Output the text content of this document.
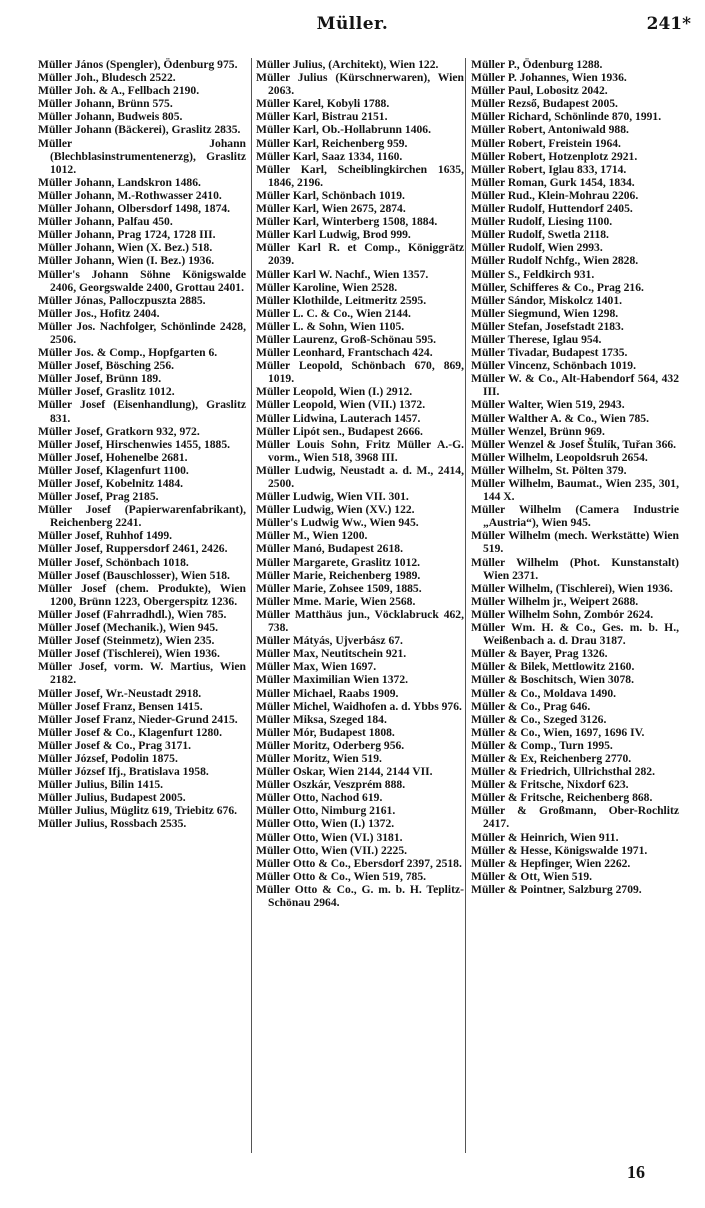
Müller.	241*
Müller János (Spengler), Ödenburg 975.
Müller Joh., Bludesch 2522.
Müller Joh. & A., Fellbach 2190.
Müller Johann, Brünn 575.
Müller Johann, Budweis 805.
Müller Johann (Bäckerei), Graslitz 2835.
Müller Johann (Blechblasinstrumentenerzg), Graslitz 1012.
Müller Johann, Landskron 1486.
Müller Johann, M.-Rothwasser 2410.
Müller Johann, Olbersdorf 1498, 1874.
Müller Johann, Palfau 450.
Müller Johann, Prag 1724, 1728 III.
Müller Johann, Wien (X. Bez.) 518.
Müller Johann, Wien (I. Bez.) 1936.
Müller's Johann Söhne Königswalde 2406, Georgswalde 2400, Grottau 2401.
Müller Jónas, Palloczpuszta 2885.
Müller Jos., Hofitz 2404.
Müller Jos. Nachfolger, Schönlinde 2428, 2506.
Müller Jos. & Comp., Hopfgarten 6.
Müller Josef, Bösching 256.
Müller Josef, Brünn 189.
Müller Josef, Graslitz 1012.
Müller Josef (Eisenhandlung), Graslitz 831.
Müller Josef, Gratkorn 932, 972.
Müller Josef, Hirschenwies 1455, 1885.
Müller Josef, Hohenelbe 2681.
Müller Josef, Klagenfurt 1100.
Müller Josef, Kobelnitz 1484.
Müller Josef, Prag 2185.
Müller Josef (Papierwarenfabrikant), Reichenberg 2241.
Müller Josef, Ruhhof 1499.
Müller Josef, Ruppersdorf 2461, 2426.
Müller Josef, Schönbach 1018.
Müller Josef (Bauschlosser), Wien 518.
Müller Josef (chem. Produkte), Wien 1200, Brünn 1223, Obergerspitz 1236.
Müller Josef (Fahrradhdl.), Wien 785.
Müller Josef (Mechanik.), Wien 945.
Müller Josef (Steinmetz), Wien 235.
Müller Josef (Tischlerei), Wien 1936.
Müller Josef, vorm. W. Martius, Wien 2182.
Müller Josef, Wr.-Neustadt 2918.
Müller Josef Franz, Bensen 1415.
Müller Josef Franz, Nieder-Grund 2415.
Müller Josef & Co., Klagenfurt 1280.
Müller Josef & Co., Prag 3171.
Müller József, Podolin 1875.
Müller József Ifj., Bratislava 1958.
Müller Julius, Bilin 1415.
Müller Julius, Budapest 2005.
Müller Julius, Müglitz 619, Triebitz 676.
Müller Julius, Rossbach 2535.
Müller Julius, (Architekt), Wien 122.
Müller Julius (Kürschnerwaren), Wien 2063.
Müller Karel, Kobyli 1788.
Müller Karl, Bistrau 2151.
Müller Karl, Ob.-Hollabrunn 1406.
Müller Karl, Reichenberg 959.
Müller Karl, Saaz 1334, 1160.
Müller Karl, Scheiblingkirchen 1635, 1846, 2196.
Müller Karl, Schönbach 1019.
Müller Karl, Wien 2675, 2874.
Müller Karl, Winterberg 1508, 1884.
Müller Karl Ludwig, Brod 999.
Müller Karl R. et Comp., Königgrätz 2039.
Müller Karl W. Nachf., Wien 1357.
Müller Karoline, Wien 2528.
Müller Klothilde, Leitmeritz 2595.
Müller L. C. & Co., Wien 2144.
Müller L. & Sohn, Wien 1105.
Müller Laurenz, Groß-Schönau 595.
Müller Leonhard, Frantschach 424.
Müller Leopold, Schönbach 670, 869, 1019.
Müller Leopold, Wien (I.) 2912.
Müller Leopold, Wien (VII.) 1372.
Müller Lidwina, Lauterach 1457.
Müller Lipót sen., Budapest 2666.
Müller Louis Sohn, Fritz Müller A.-G. vorm., Wien 518, 3968 III.
Müller Ludwig, Neustadt a. d. M., 2414, 2500.
Müller Ludwig, Wien VII. 301.
Müller Ludwig, Wien (XV.) 122.
Müller's Ludwig Ww., Wien 945.
Müller M., Wien 1200.
Müller Manó, Budapest 2618.
Müller Margarete, Graslitz 1012.
Müller Marie, Reichenberg 1989.
Müller Marie, Zohsee 1509, 1885.
Müller Mme. Marie, Wien 2568.
Müller Matthäus jun., Vöcklabruck 462, 738.
Müller Mátyás, Ujverbász 67.
Müller Max, Neutitschein 921.
Müller Max, Wien 1697.
Müller Maximilian Wien 1372.
Müller Michael, Raabs 1909.
Müller Michel, Waidhofen a. d. Ybbs 976.
Müller Miksa, Szeged 184.
Müller Mór, Budapest 1808.
Müller Moritz, Oderberg 956.
Müller Moritz, Wien 519.
Müller Oskar, Wien 2144, 2144 VII.
Müller Oszkár, Veszprém 888.
Müller Otto, Nachod 619.
Müller Otto, Nimburg 2161.
Müller Otto, Wien (I.) 1372.
Müller Otto, Wien (VI.) 3181.
Müller Otto, Wien (VII.) 2225.
Müller Otto & Co., Ebersdorf 2397, 2518.
Müller Otto & Co., Wien 519, 785.
Müller Otto & Co., G. m. b. H. Teplitz-Schönau 2964.
Müller P., Ödenburg 1288.
Müller P. Johannes, Wien 1936.
Müller Paul, Lobositz 2042.
Müller Rezső, Budapest 2005.
Müller Richard, Schönlinde 870, 1991.
Müller Robert, Antoniwald 988.
Müller Robert, Freistein 1964.
Müller Robert, Hotzenplotz 2921.
Müller Robert, Iglau 833, 1714.
Müller Roman, Gurk 1454, 1834.
Müller Rud., Klein-Mohrau 2206.
Müller Rudolf, Huttendorf 2405.
Müller Rudolf, Liesing 1100.
Müller Rudolf, Swetla 2118.
Müller Rudolf, Wien 2993.
Müller Rudolf Nchfg., Wien 2828.
Müller S., Feldkirch 931.
Müller, Schifferes & Co., Prag 216.
Müller Sándor, Miskolcz 1401.
Müller Siegmund, Wien 1298.
Müller Stefan, Josefstadt 2183.
Müller Therese, Iglau 954.
Müller Tivadar, Budapest 1735.
Müller Vincenz, Schönbach 1019.
Müller W. & Co., Alt-Habendorf 564, 432 III.
Müller Walter, Wien 519, 2943.
Müller Walther A. & Co., Wien 785.
Müller Wenzel, Brünn 969.
Müller Wenzel & Josef Štulík, Tuřan 366.
Müller Wilhelm, Leopoldsruh 2654.
Müller Wilhelm, St. Pölten 379.
Müller Wilhelm, Baumat., Wien 235, 301, 144 X.
Müller Wilhelm (Camera Industrie „Austria“), Wien 945.
Müller Wilhelm (mech. Werkstätte) Wien 519.
Müller Wilhelm (Phot. Kunstanstalt) Wien 2371.
Müller Wilhelm, (Tischlerei), Wien 1936.
Müller Wilhelm jr., Weipert 2688.
Müller Wilhelm Sohn, Zombór 2624.
Müller Wm. H. & Co., Ges. m. b. H., Weißenbach a. d. Drau 3187.
Müller & Bayer, Prag 1326.
Müller & Bilek, Mettlowitz 2160.
Müller & Boschitsch, Wien 3078.
Müller & Co., Moldava 1490.
Müller & Co., Prag 646.
Müller & Co., Szeged 3126.
Müller & Co., Wien, 1697, 1696 IV.
Müller & Comp., Turn 1995.
Müller & Ex, Reichenberg 2770.
Müller & Friedrich, Ullrichsthal 282.
Müller & Fritsche, Nixdorf 623.
Müller & Fritsche, Reichenberg 868.
Müller & Großmann, Ober-Rochlitz 2417.
Müller & Heinrich, Wien 911.
Müller & Hesse, Königswalde 1971.
Müller & Hepfinger, Wien 2262.
Müller & Ott, Wien 519.
Müller & Pointner, Salzburg 2709.
16
